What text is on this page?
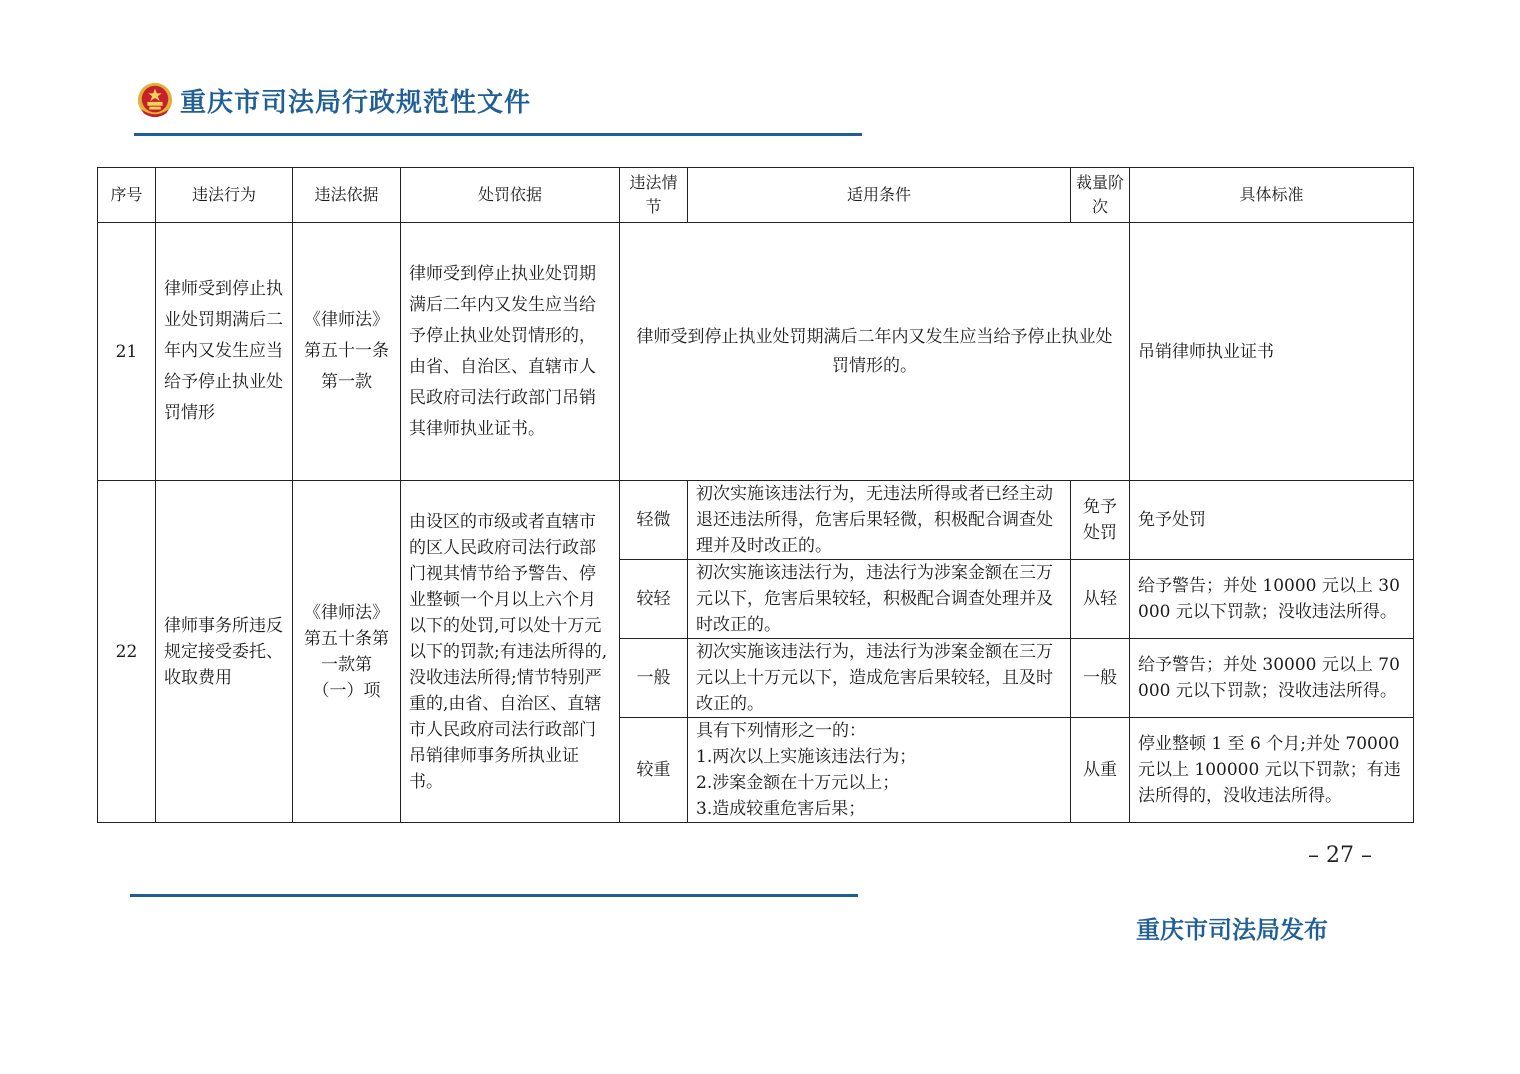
重庆市司法局行政规范性文件
序号	违法行为	违法依据	处罚依据	违法情节	适用条件	裁量阶次	具体标准
21	律师受到停止执业处罚期满后二年内又发生应当给予停止执业处罚情形	《律师法》第五十一条第一款	律师受到停止执业处罚期满后二年内又发生应当给予停止执业处罚情形的，由省、自治区、直辖市人民政府司法行政部门吊销其律师执业证书。	律师受到停止执业处罚期满后二年内又发生应当给予停止执业处罚情形的。			吊销律师执业证书
22	律师事务所违反规定接受委托、收取费用	《律师法》第五十条第一款第（一）项	由设区的市级或者直辖市的区人民政府司法行政部门视其情节给予警告、停业整顿一个月以上六个月以下的处罚,可以处十万元以下的罚款;有违法所得的,没收违法所得;情节特别严重的,由省、自治区、直辖市人民政府司法行政部门吊销律师事务所执业证书。	轻微	初次实施该违法行为，无违法所得或者已经主动退还违法所得，危害后果轻微，积极配合调查处理并及时改正的。	免予处罚	免予处罚
				较轻	初次实施该违法行为，违法行为涉案金额在三万元以下，危害后果较轻，积极配合调查处理并及时改正的。	从轻	给予警告；并处 10000 元以上 30000 元以下罚款；没收违法所得。
				一般	初次实施该违法行为，违法行为涉案金额在三万元以上十万元以下，造成危害后果较轻，且及时改正的。	一般	给予警告；并处 30000 元以上 70000 元以下罚款；没收违法所得。
				较重	具有下列情形之一的：
1.两次以上实施该违法行为；
2.涉案金额在十万元以上；
3.造成较重危害后果；	从重	停业整顿 1 至 6 个月;并处 70000 元以上 100000 元以下罚款；有违法所得的，没收违法所得。
– 27 –
重庆市司法局发布
